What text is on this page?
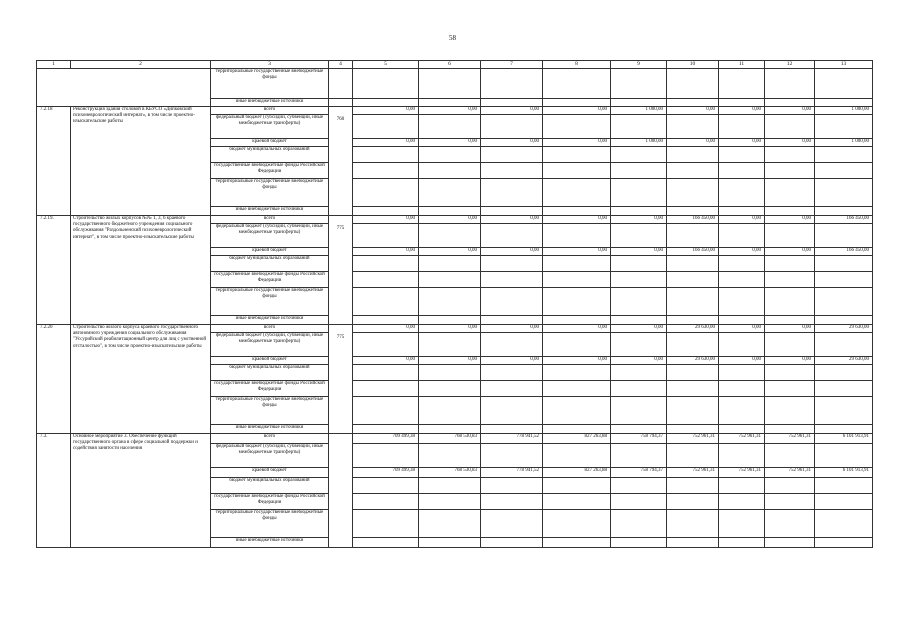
58
1	2	3	4	5	6	7	8	9	10	11	12	13
		территориальные государственные внебюджетные фонды										
		иные внебюджетные источники										
7.2.18	Реконструкция здания столовой в КБУСО «Дипковский психоневрологический интернат», в том числе проектно-изыскательские работы	всего	760	0,00	0,00	0,00	0,00	1 000,00	0,00	0,00	0,00	1 000,00
		федеральный бюджет (субсидии, субвенции, иные межбюджетные трансферты)										
		краевой бюджет		0,00	0,00	0,00	0,00	1 000,00	0,00	0,00	0,00	1 000,00
		бюджет муниципальных образований										
		государственные внебюджетные фонды Российской Федерации										
		территориальные государственные внебюджетные фонды										
		иные внебюджетные источники										
7.2.19.	Строительство жилых корпусов №№ 1, 3, 6 краевого государственного бюджетного учреждения социального обслуживания "Раздольненский психоневрологический интернат", в том числе проектно-изыскательские работы	всего	775	0,00	0,00	0,00	0,00	0,00	166 450,00	0,00	0,00	166 450,00
		федеральный бюджет (субсидии, субвенции, иные межбюджетные трансферты)										
		краевой бюджет		0,00	0,00	0,00	0,00	0,00	166 450,00	0,00	0,00	166 450,00
		бюджет муниципальных образований										
		государственные внебюджетные фонды Российской Федерации										
		территориальные государственные внебюджетные фонды										
		иные внебюджетные источники										
7.2.20	Строительство жилого корпуса краевого государственного автономного учреждения социального обслуживания "Уссурийский реабилитационный центр для лиц с умственной отсталостью", в том числе проектно-изыскательские работы	всего	775	0,00	0,00	0,00	0,00	0,00	29 630,00	0,00	0,00	29 630,00
		федеральный бюджет (субсидии, субвенции, иные межбюджетные трансферты)										
		краевой бюджет		0,00	0,00	0,00	0,00	0,00	29 630,00	0,00	0,00	29 630,00
		бюджет муниципальных образований										
		государственные внебюджетные фонды Российской Федерации										
		территориальные государственные внебюджетные фонды										
		иные внебюджетные источники										
7.3.	Основное мероприятие 3. Обеспечение функций государственного органа в сфере социальной поддержки и содействия занятости населения	всего		709 499,38	768 530,83	778 941,52	827 263,88	758 794,37	752 961,31	752 961,31	752 961,31	6 101 913,91
		федеральный бюджет (субсидии, субвенции, иные межбюджетные трансферты)										
		краевой бюджет		709 499,38	768 530,83	778 941,52	827 263,88	758 794,37	752 961,31	752 961,31	752 961,31	6 101 913,91
		бюджет муниципальных образований										
		государственные внебюджетные фонды Российской Федерации										
		территориальные государственные внебюджетные фонды										
		иные внебюджетные источники										
